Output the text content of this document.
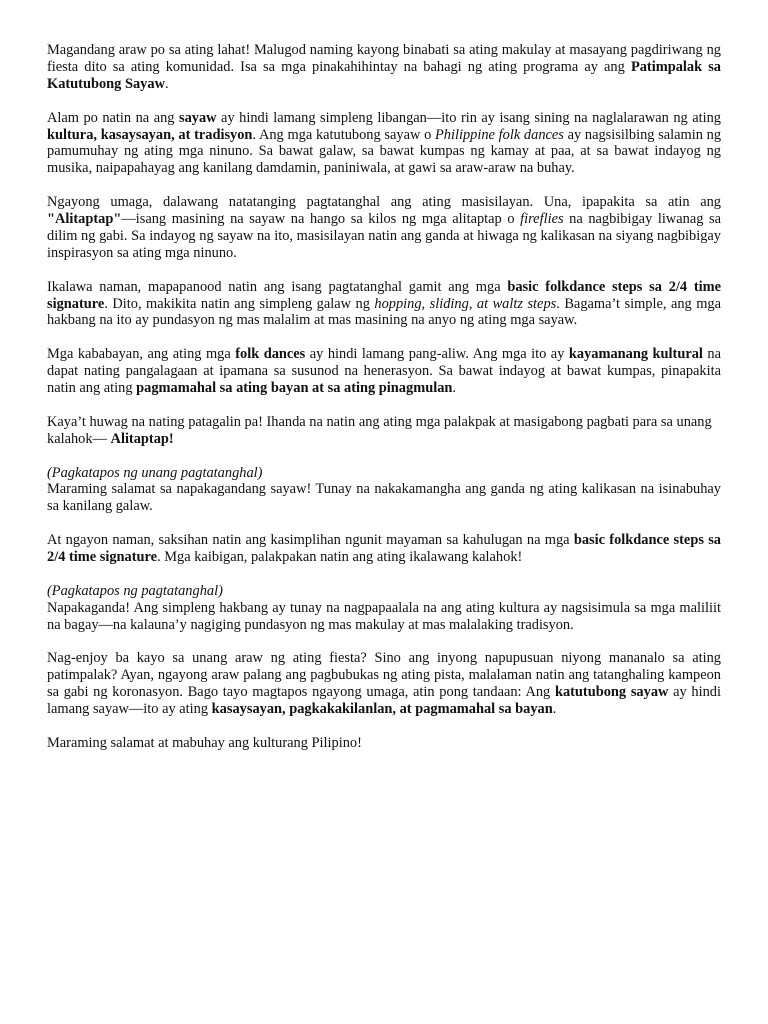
Magandang araw po sa ating lahat! Malugod naming kayong binabati sa ating makulay at masayang pagdiriwang ng fiesta dito sa ating komunidad. Isa sa mga pinakahihintay na bahagi ng ating programa ay ang Patimpalak sa Katutubong Sayaw.

Alam po natin na ang sayaw ay hindi lamang simpleng libangan—ito rin ay isang sining na naglalarawan ng ating kultura, kasaysayan, at tradisyon. Ang mga katutubong sayaw o Philippine folk dances ay nagsisilbing salamin ng pamumuhay ng ating mga ninuno. Sa bawat galaw, sa bawat kumpas ng kamay at paa, at sa bawat indayog ng musika, naipapahayag ang kanilang damdamin, paniniwala, at gawi sa araw-araw na buhay.

Ngayong umaga, dalawang natatanging pagtatanghal ang ating masisilayan. Una, ipapakita sa atin ang "Alitaptap"—isang masining na sayaw na hango sa kilos ng mga alitaptap o fireflies na nagbibigay liwanag sa dilim ng gabi. Sa indayog ng sayaw na ito, masisilayan natin ang ganda at hiwaga ng kalikasan na siyang nagbibigay inspirasyon sa ating mga ninuno.

Ikalawa naman, mapapanood natin ang isang pagtatanghal gamit ang mga basic folkdance steps sa 2/4 time signature. Dito, makikita natin ang simpleng galaw ng hopping, sliding, at waltz steps. Bagama’t simple, ang mga hakbang na ito ay pundasyon ng mas malalim at mas masining na anyo ng ating mga sayaw.

Mga kababayan, ang ating mga folk dances ay hindi lamang pang-aliw. Ang mga ito ay kayamanang kultural na dapat nating pangalagaan at ipamana sa susunod na henerasyon. Sa bawat indayog at bawat kumpas, pinapakita natin ang ating pagmamahal sa ating bayan at sa ating pinagmulan.

Kaya’t huwag na nating patagalin pa! Ihanda na natin ang ating mga palakpak at masigabong pagbati para sa unang kalahok— Alitaptap!

(Pagkatapos ng unang pagtatanghal)
Maraming salamat sa napakagandang sayaw! Tunay na nakakamangha ang ganda ng ating kalikasan na isinabuhay sa kanilang galaw.

At ngayon naman, saksihan natin ang kasimplihan ngunit mayaman sa kahulugan na mga basic folkdance steps sa 2/4 time signature. Mga kaibigan, palakpakan natin ang ating ikalawang kalahok!

(Pagkatapos ng pagtatanghal)
Napakaganda! Ang simpleng hakbang ay tunay na nagpapaalala na ang ating kultura ay nagsisimula sa mga maliliit na bagay—na kalauna’y nagiging pundasyon ng mas makulay at mas malalaking tradisyon.

Nag-enjoy ba kayo sa unang araw ng ating fiesta? Sino ang inyong napupusuan niyong mananalo sa ating patimpalak? Ayan, ngayong araw palang ang pagbubukas ng ating pista, malalaman natin ang tatanghaling kampeon sa gabi ng koronasyon. Bago tayo magtapos ngayong umaga, atin pong tandaan: Ang katutubong sayaw ay hindi lamang sayaw—ito ay ating kasaysayan, pagkakakilanlan, at pagmamahal sa bayan.

Maraming salamat at mabuhay ang kulturang Pilipino!
